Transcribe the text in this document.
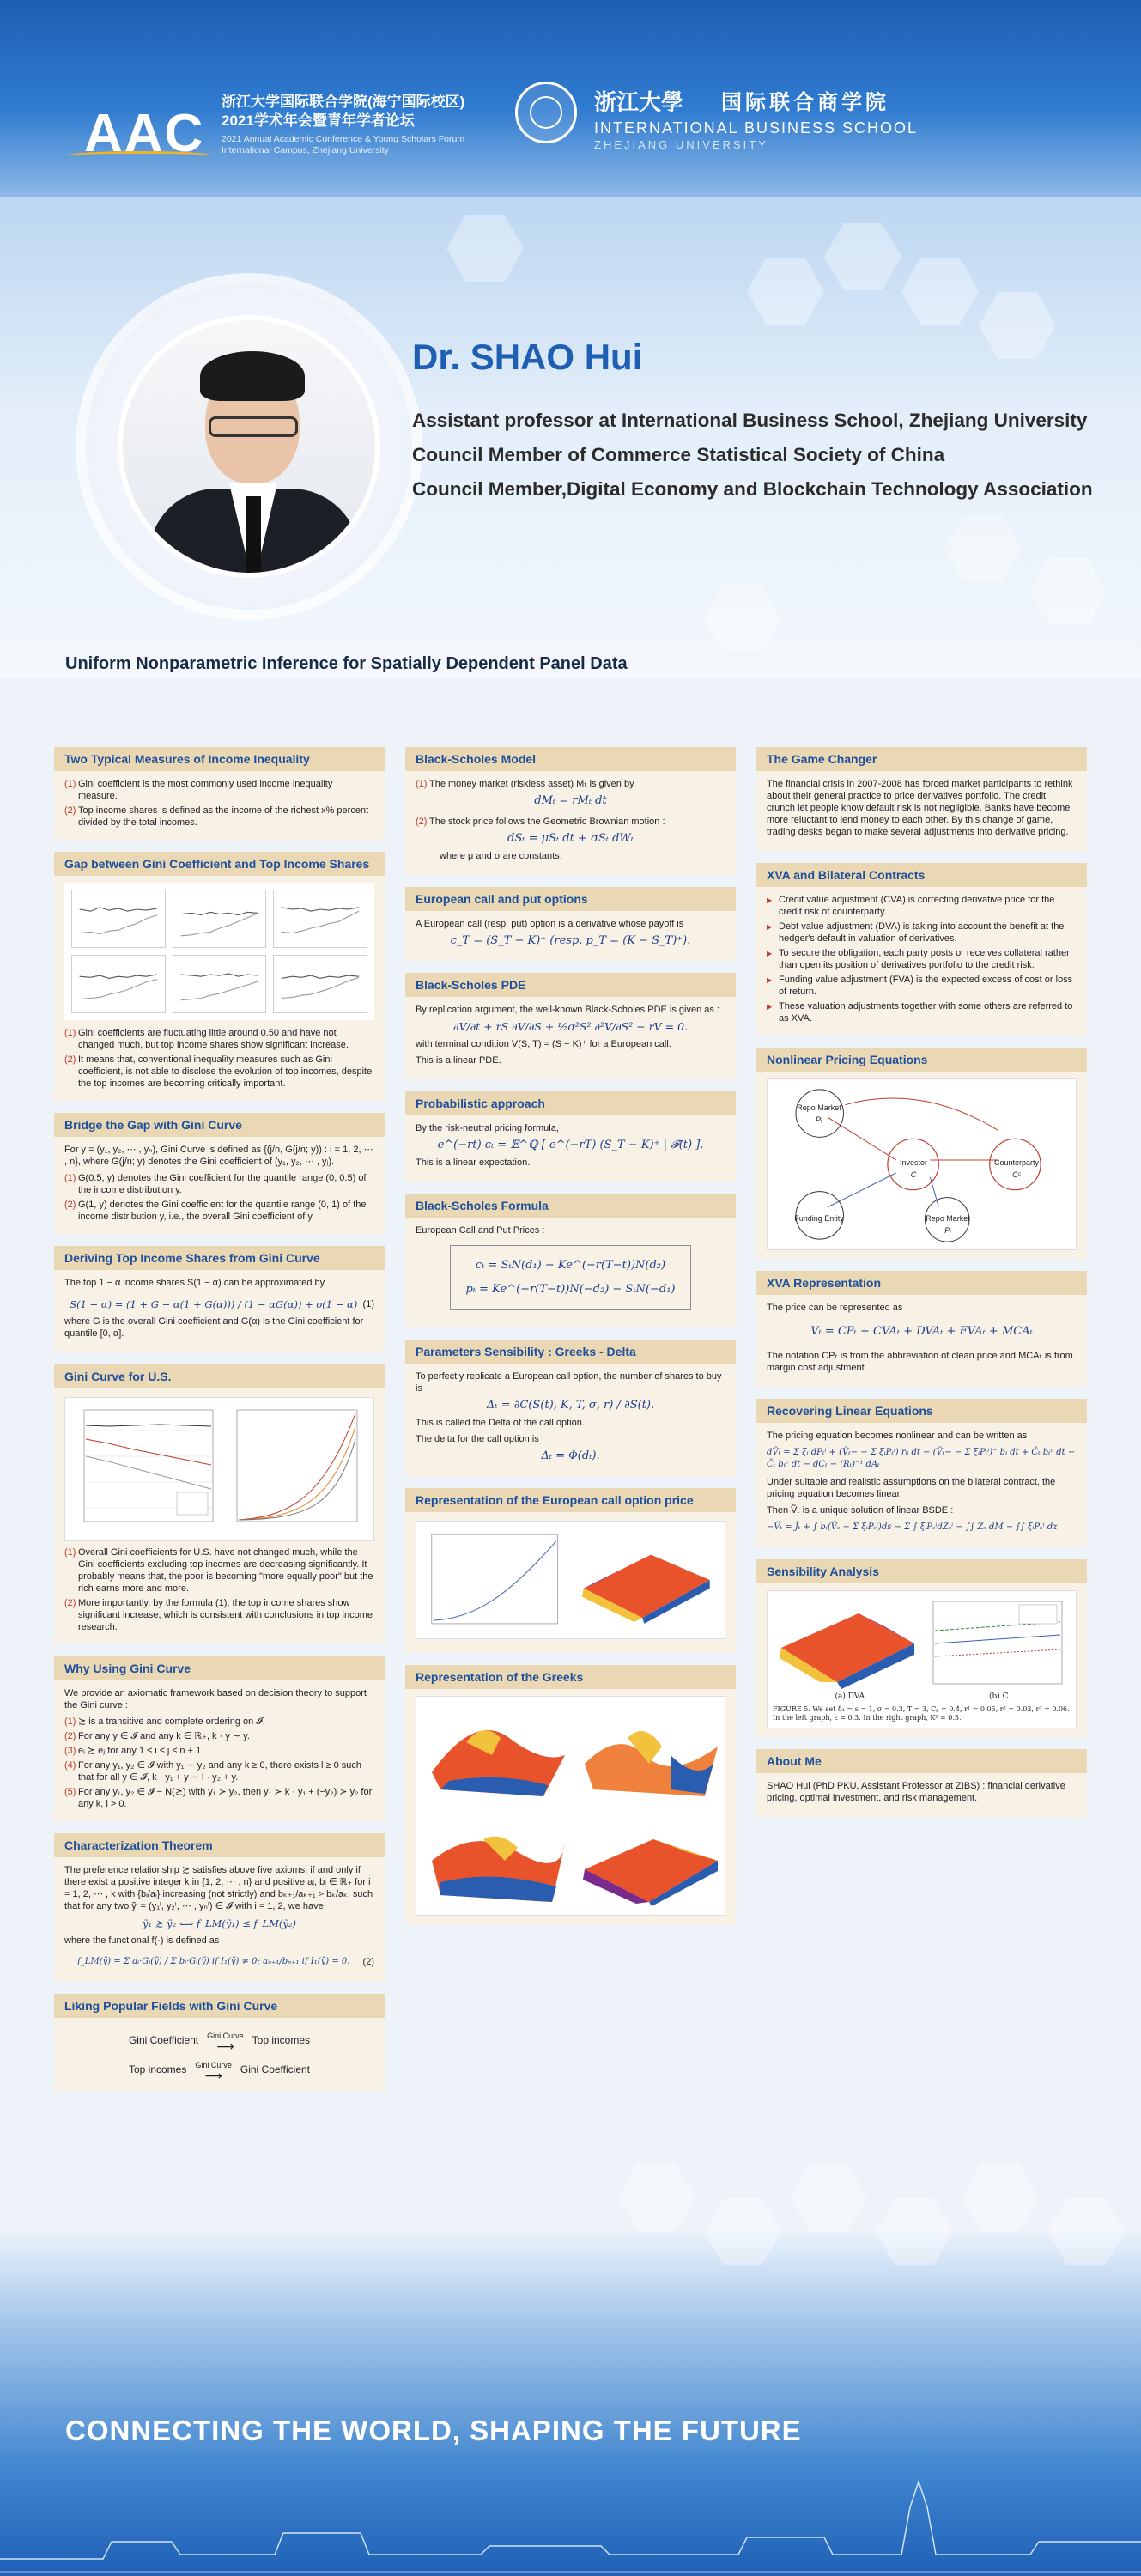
AAC
浙江大学国际联合学院(海宁国际校区)
2021学术年会暨青年学者论坛
2021 Annual Academic Conference & Young Scholars Forum
International Campus, Zhejiang University
浙江大學 国际联合商学院
INTERNATIONAL BUSINESS SCHOOL
ZHEJIANG UNIVERSITY
Dr. SHAO Hui
Assistant professor at International Business School, Zhejiang University
Council Member of Commerce Statistical Society of China
Council Member,Digital Economy and Blockchain Technology Association
Uniform Nonparametric Inference for Spatially Dependent Panel Data
Two Typical Measures of Income Inequality
(1) Gini coefficient is the most commonly used income inequality measure.
(2) Top income shares is defined as the income of the richest x% percent divided by the total incomes.
Gap between Gini Coefficient and Top Income Shares
(1) Gini coefficients are fluctuating little around 0.50 and have not changed much, but top income shares show significant increase.
(2) It means that, conventional inequality measures such as Gini coefficient, is not able to disclose the evolution of top incomes, despite the top incomes are becoming critically important.
Bridge the Gap with Gini Curve

For y = (y₁, y₂, ⋯ , yₙ), Gini Curve is defined as {(j/n, G(j/n; y)) : i = 1, 2, ⋯ , n}, where G(j/n; y) denotes the Gini coefficient of (y₁, y₂, ⋯ , yⱼ).

(1) G(0.5, y) denotes the Gini coefficient for the quantile range (0, 0.5) of the income distribution y.
(2) G(1, y) denotes the Gini coefficient for the quantile range (0, 1) of the income distribution y, i.e., the overall Gini coefficient of y.
Deriving Top Income Shares from Gini Curve

The top 1 − α income shares S(1 − α) can be approximated by

S(1 − α) = (1 + G − α(1 + G(α))) / (1 − αG(α)) + o(1 − α) (1)

where G is the overall Gini coefficient and G(α) is the Gini coefficient for quantile [0, α].

Gini Curve for U.S.
(1) Overall Gini coefficients for U.S. have not changed much, while the Gini coefficients excluding top incomes are decreasing significantly. It probably means that, the poor is becoming "more equally poor" but the rich earns more and more.
(2) More importantly, by the formula (1), the top income shares show significant increase, which is consistent with conclusions in top income research.
Why Using Gini Curve

We provide an axiomatic framework based on decision theory to support the Gini curve :

(1) ≿ is a transitive and complete ordering on 𝓘.
(2) For any y ∈ 𝓘 and any k ∈ ℝ₊, k · y ∼ y.
(3) eᵢ ≿ eⱼ for any 1 ≤ i ≤ j ≤ n + 1.
(4) For any y₁, y₂ ∈ 𝓘 with y₁ ∼ y₂ and any k ≥ 0, there exists l ≥ 0 such that for all y ∈ 𝓘, k · y₁ + y ∼ l · y₂ + y.
(5) For any y₁, y₂ ∈ 𝓘 − N(≿) with y₁ ≻ y₂, then y₁ ≻ k · y₁ + (−y₂) ≻ y₂ for any k, l > 0.
Characterization Theorem

The preference relationship ≿ satisfies above five axioms, if and only if there exist a positive integer k in {1, 2, ⋯ , n} and positive aᵢ, bᵢ ∈ ℝ₊ for i = 1, 2, ⋯ , k with {bᵢ/aᵢ} increasing (not strictly) and bₖ₊₁/aₖ₊₁ > bₖ/aₖ, such that for any two ỹᵢ = (y₁ⁱ, y₂ⁱ, ⋯ , yₙⁱ) ∈ 𝓘 with i = 1, 2, we have

ỹ₁ ≿ ỹ₂ ⟺ f_LM(ỹ₁) ≤ f_LM(ỹ₂)

where the functional f(·) is defined as

f_LM(ỹ) = Σ aᵢ·Gᵢ(ỹ) / Σ bᵢ·Gᵢ(ỹ) if I₁(ỹ) ≠ 0; aₙ₊₁/bₙ₊₁ if I₁(ỹ) = 0.	(2)
Liking Popular Fields with Gini Curve
Gini Coefficient Gini Curve
⟶ Top incomes
Top incomes Gini Curve
⟶ Gini Coefficient
Black-Scholes Model
(1) The money market (riskless asset) Mₜ is given by
dMₜ = rMₜ dt
(2) The stock price follows the Geometric Brownian motion :
dSₜ = μSₜ dt + σSₜ dWₜ

where μ and σ are constants.

European call and put options

A European call (resp. put) option is a derivative whose payoff is

c_T = (S_T − K)⁺ (resp. p_T = (K − S_T)⁺).
Black-Scholes PDE

By replication argument, the well-known Black-Scholes PDE is given as :

∂V/∂t + rS ∂V/∂S + ½σ²S² ∂²V/∂S² − rV = 0.

with terminal condition V(S, T) = (S − K)⁺ for a European call.

This is a linear PDE.

Probabilistic approach

By the risk-neutral pricing formula,

e^(−rt) cₜ = 𝔼^ℚ [ e^(−rT) (S_T − K)⁺ | 𝓕(t) ].

This is a linear expectation.

Black-Scholes Formula

European Call and Put Prices :

cₜ = SₜN(d₁) − Ke^(−r(T−t))N(d₂)
pₜ = Ke^(−r(T−t))N(−d₂) − SₜN(−d₁)
Parameters Sensibility : Greeks - Delta

To perfectly replicate a European call option, the number of shares to buy is

Δₜ = ∂C(S(t), K, T, σ, r) / ∂S(t).

This is called the Delta of the call option.

The delta for the call option is

Δₜ = Φ(dₜ).
Representation of the European call option price
Representation of the Greeks
The Game Changer

The financial crisis in 2007-2008 has forced market participants to rethink about their general practice to price derivatives portfolio. The credit crunch let people know default risk is not negligible. Banks have become more reluctant to lend money to each other. By this change of game, trading desks began to make several adjustments into derivative pricing.

XVA and Bilateral Contracts
▶ Credit value adjustment (CVA) is correcting derivative price for the credit risk of counterparty.
▶ Debt value adjustment (DVA) is taking into account the benefit at the hedger's default in valuation of derivatives.
▶ To secure the obligation, each party posts or receives collateral rather than open its position of derivatives portfolio to the credit risk.
▶ Funding value adjustment (FVA) is the expected excess of cost or loss of return.
▶ These valuation adjustments together with some others are referred to as XVA.
Nonlinear Pricing Equations
Repo Market
Pᵢᵢ
Investor
C
Counterparty
Cᶜ
Funding Entity	Repo Market
Pⱼ
XVA Representation

The price can be represented as

Vₜ = CPₜ + CVAₜ + DVAₜ + FVAₜ + MCAₜ

The notation CPₜ is from the abbreviation of clean price and MCAₜ is from margin cost adjustment.

Recovering Linear Equations

The pricing equation becomes nonlinear and can be written as

dṼₜ = Σ ξᵢ dPₜⁱ + (Ṽₜ− − Σ ξᵢPₜⁱ) rᵦ dt − (Ṽₜ− − Σ ξᵢPₜⁱ)⁻ bᵢ dt + C̃ₜ bₜᶜ dt − C̃ₜ bₜᶜ dt − dCₜ − (Rₜ)⁻¹ dAₜ

Under suitable and realistic assumptions on the bilateral contract, the pricing equation becomes linear.

Then Ṽₜ is a unique solution of linear BSDE :

−Ṽₜ = Ĵₜ + ∫ bᵢ(Ṽₛ − Σ ξᵢPₛⁱ)ds − Σ ∫ ξᵢPₛⁱdZₛⁱ − ∫∫ Zₛ dM − ∫∫ ξᵢPₛⁱ dz
Sensibility Analysis
(a) DVA	(b) C
FIGURE 5. We set δ₁ = ε = 1, σ = 0.3, T = 3, Cₚ = 0.4, r¹ = 0.05, r² = 0.03, r³ = 0.06. In the left graph, ε = 0.3. In the right graph, K² = 0.5.
About Me

SHAO Hui (PhD PKU, Assistant Professor at ZIBS) : financial derivative pricing, optimal investment, and risk management.

CONNECTING THE WORLD, SHAPING THE FUTURE
